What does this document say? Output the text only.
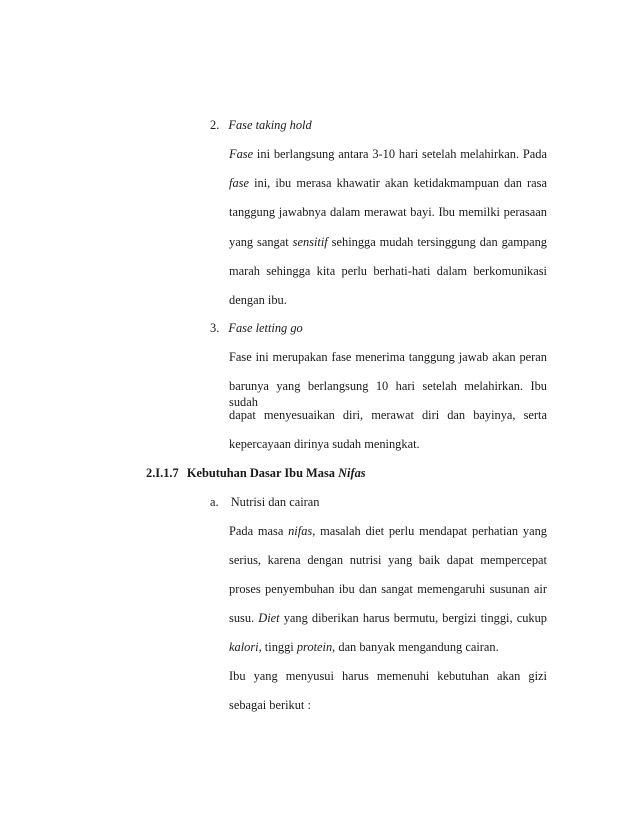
2. Fase taking hold
Fase ini berlangsung antara 3-10 hari setelah melahirkan. Pada
fase ini, ibu merasa khawatir akan ketidakmampuan dan rasa
tanggung jawabnya dalam merawat bayi. Ibu memilki perasaan
yang sangat sensitif sehingga mudah tersinggung dan gampang
marah sehingga kita perlu berhati-hati dalam berkomunikasi
dengan ibu.
3. Fase letting go
Fase ini merupakan fase menerima tanggung jawab akan peran
barunya yang berlangsung 10 hari setelah melahirkan. Ibu sudah
dapat menyesuaikan diri, merawat diri dan bayinya, serta
kepercayaan dirinya sudah meningkat.
2.I.1.7 Kebutuhan Dasar Ibu Masa Nifas
a. Nutrisi dan cairan
Pada masa nifas, masalah diet perlu mendapat perhatian yang
serius, karena dengan nutrisi yang baik dapat mempercepat
proses penyembuhan ibu dan sangat memengaruhi susunan air
susu. Diet yang diberikan harus bermutu, bergizi tinggi, cukup
kalori, tinggi protein, dan banyak mengandung cairan.
Ibu yang menyusui harus memenuhi kebutuhan akan gizi
sebagai berikut :
